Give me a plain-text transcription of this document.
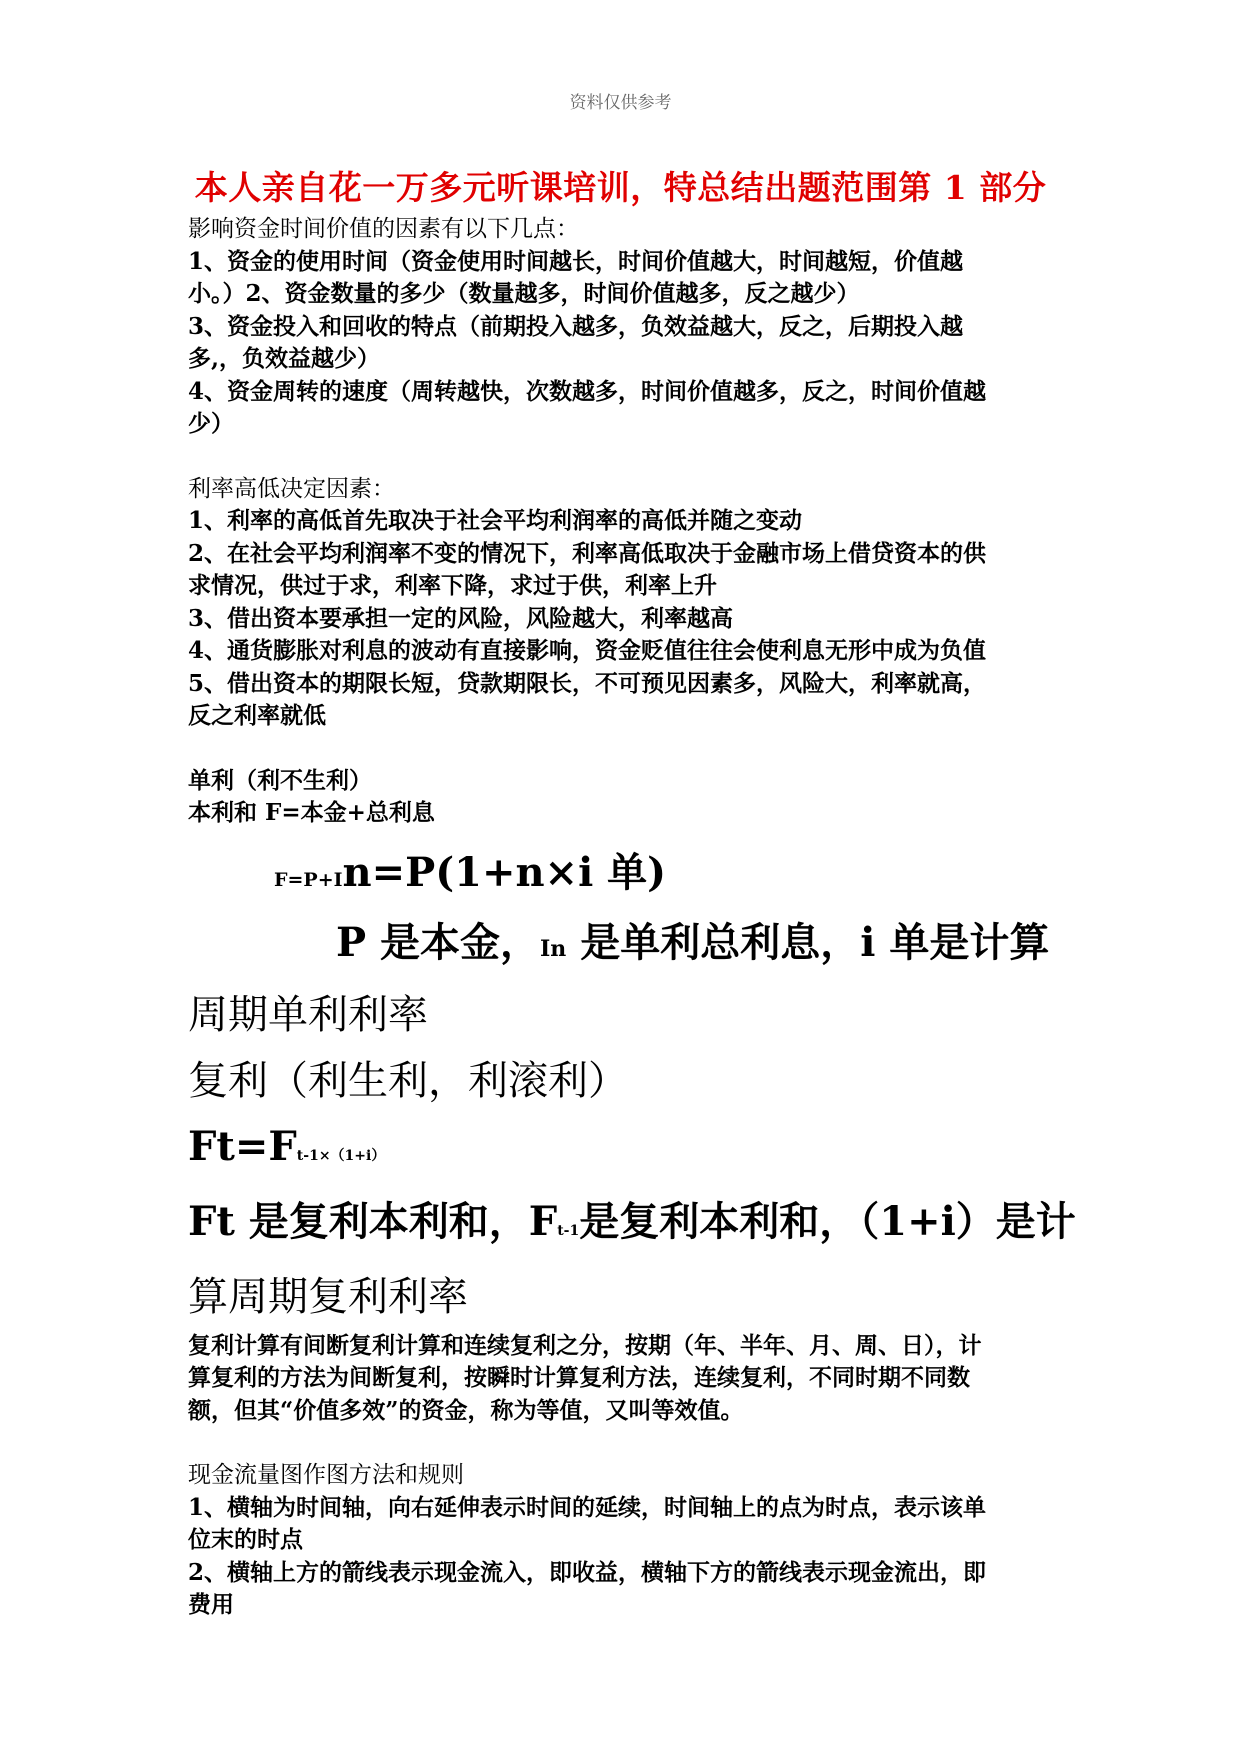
资料仅供参考
本人亲自花一万多元听课培训，特总结出题范围第 1 部分

影响资金时间价值的因素有以下几点：

1、资金的使用时间（资金使用时间越长，时间价值越大，时间越短，价值越

小。）2、资金数量的多少（数量越多，时间价值越多，反之越少）

3、资金投入和回收的特点（前期投入越多，负效益越大，反之，后期投入越

多,，负效益越少）

4、资金周转的速度（周转越快，次数越多，时间价值越多，反之，时间价值越

少）

利率高低决定因素：

1、利率的高低首先取决于社会平均利润率的高低并随之变动

2、在社会平均利润率不变的情况下，利率高低取决于金融市场上借贷资本的供

求情况，供过于求，利率下降，求过于供，利率上升

3、借出资本要承担一定的风险，风险越大，利率越高

4、通货膨胀对利息的波动有直接影响，资金贬值往往会使利息无形中成为负值

5、借出资本的期限长短，贷款期限长，不可预见因素多，风险大，利率就高，

反之利率就低

单利（利不生利）

本利和 F=本金+总利息

F=P+In=P(1+n×i 单)

P 是本金，In 是单利总利息，i 单是计算

周期单利利率

复利（利生利，利滚利）

Ft=Ft-1×（1+i）

Ft 是复利本利和，Ft-1是复利本利和，（1+i）是计

算周期复利利率

复利计算有间断复利计算和连续复利之分，按期（年、半年、月、周、日），计

算复利的方法为间断复利，按瞬时计算复利方法，连续复利，不同时期不同数

额，但其“价值多效”的资金，称为等值，又叫等效值。

现金流量图作图方法和规则

1、横轴为时间轴，向右延伸表示时间的延续，时间轴上的点为时点，表示该单

位末的时点

2、横轴上方的箭线表示现金流入，即收益，横轴下方的箭线表示现金流出，即

费用
